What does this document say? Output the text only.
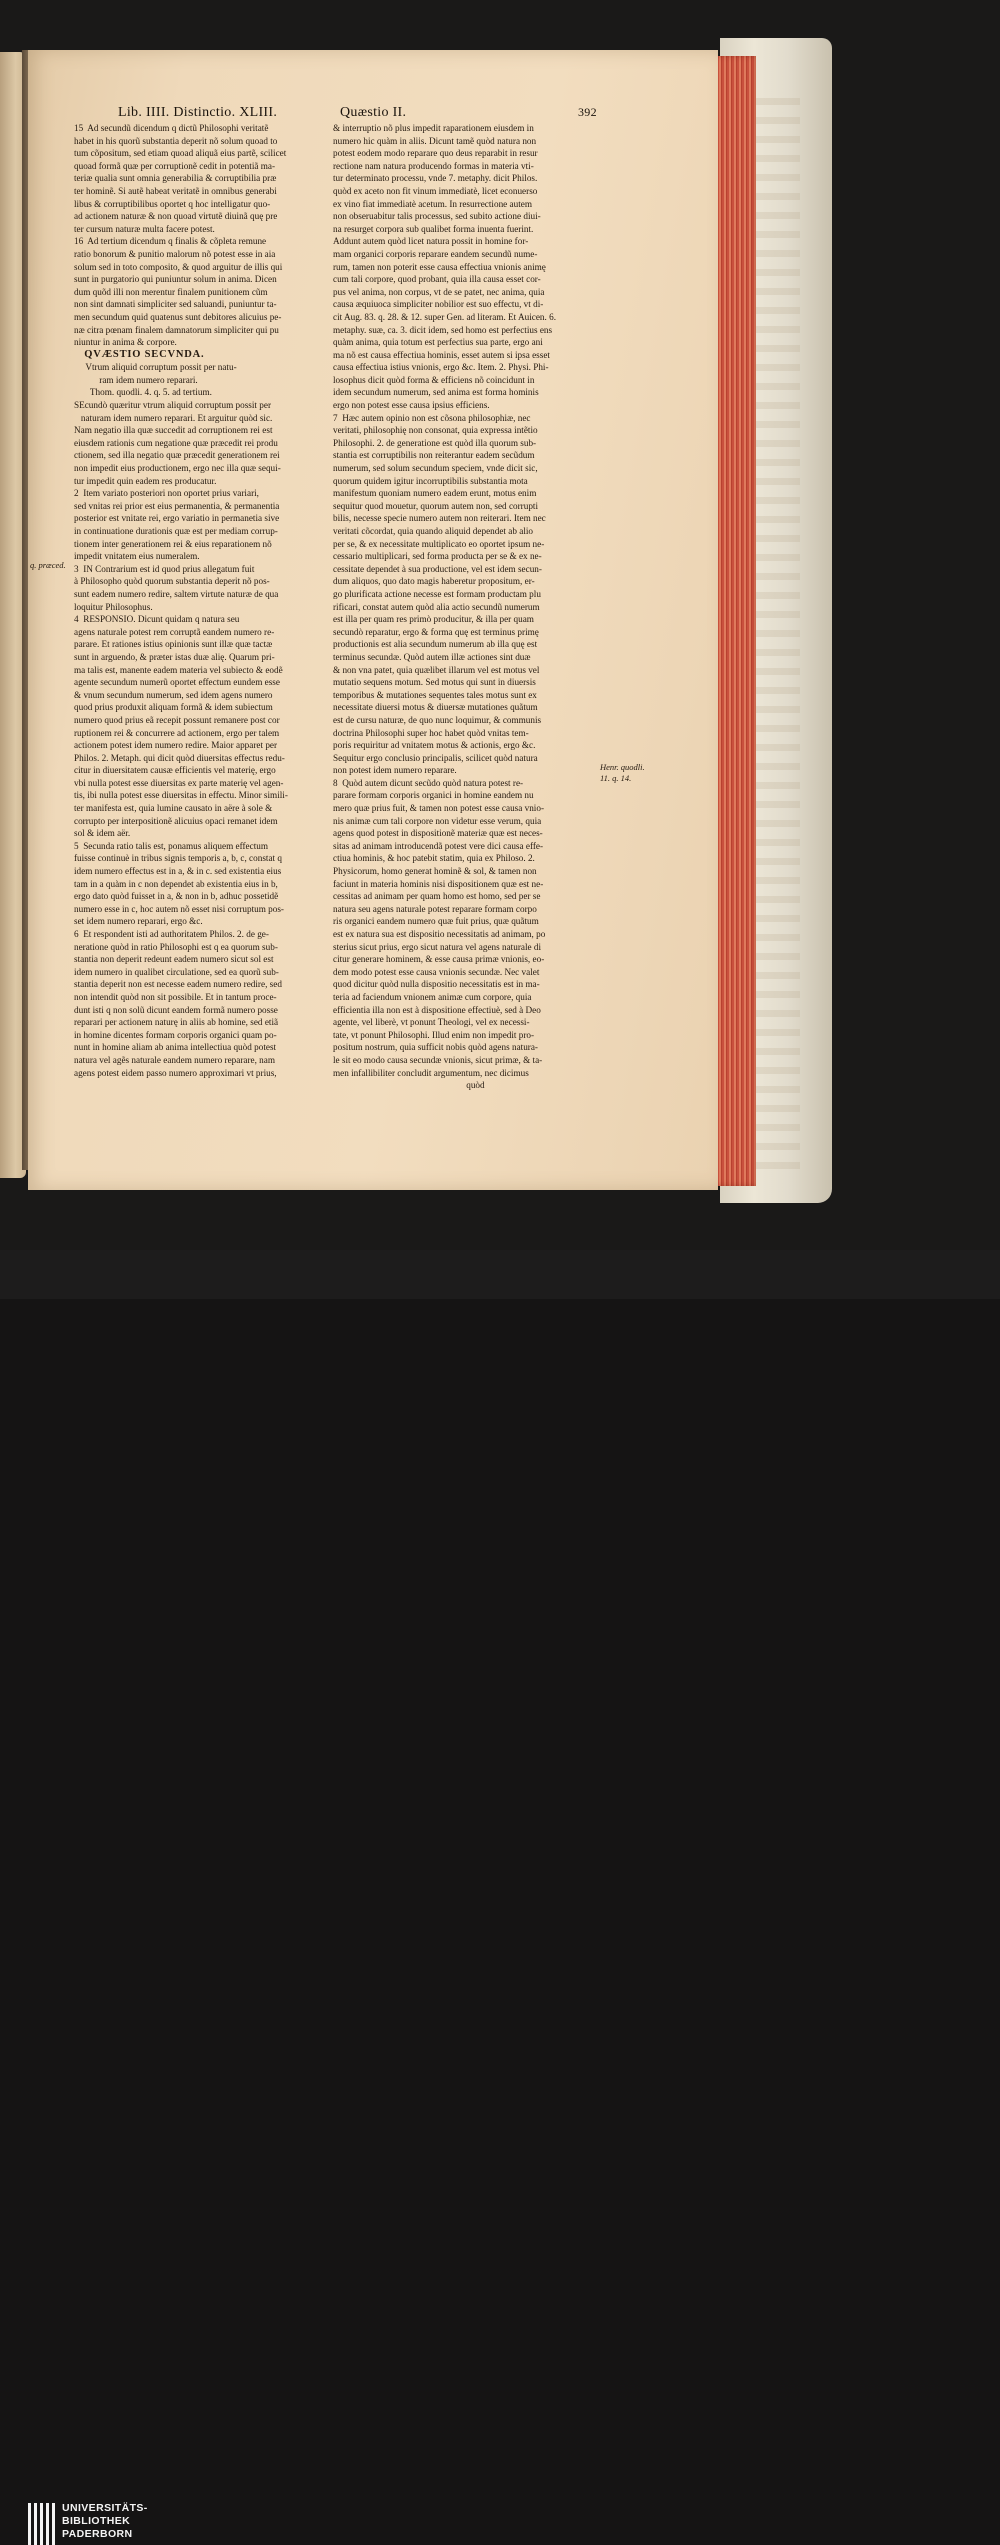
Lib. IIII. Distinctio. XLIII.	Quæstio II.	392
15  Ad secundũ dicendum q dictũ Philosophi veritatẽ
habet in his quorũ substantia deperit nõ solum quoad to
tum cõpositum, sed etiam quoad aliquã eius partẽ, scilicet
quoad formã quæ per corruptionẽ cedit in potentiã ma-
teriæ qualia sunt omnia generabilia & corruptibilia præ
ter hominẽ. Si autẽ habeat veritatẽ in omnibus generabi
libus & corruptibilibus oportet q hoc intelligatur quo-
ad actionem naturæ & non quoad virtutẽ diuinã quę pre
ter cursum naturæ multa facere potest.
16  Ad tertium dicendum q finalis & cõpleta remune
ratio bonorum & punitio malorum nõ potest esse in aia
solum sed in toto composito, & quod arguitur de illis qui
sunt in purgatorio qui puniuntur solum in anima. Dicen
dum quõd illi non merentur finalem punitionem cũm
non sint damnati simpliciter sed saluandi, puniuntur ta-
men secundum quid quatenus sunt debitores alicuius pe-
næ citra pœnam finalem damnatorum simpliciter qui pu
niuntur in anima & corpore.
QVÆSTIO SECVNDA.
Vtrum aliquid corruptum possit per natu-
ram idem numero reparari.
Thom. quodli. 4. q. 5. ad tertium.
SEcundò quæritur vtrum aliquid corruptum possit per
naturam idem numero reparari. Et arguitur quòd sic.
Nam negatio illa quæ succedit ad corruptionem rei est
eiusdem rationis cum negatione quæ præcedit rei produ
ctionem, sed illa negatio quæ præcedit generationem rei
non impedit eius productionem, ergo nec illa quæ sequi-
tur impedit quin eadem res producatur.
2  Item variato posteriori non oportet prius variari,
sed vnitas rei prior est eius permanentia, & permanentia
posterior est vnitate rei, ergo variatio in permanetia sive
in continuatione durationis quæ est per mediam corrup-
tionem inter generationem rei & eius reparationem nõ
impedit vnitatem eius numeralem.
3  IN Contrarium est id quod prius allegatum fuit
à Philosopho quòd quorum substantia deperit nõ pos-
sunt eadem numero redire, saltem virtute naturæ de qua
loquitur Philosophus.
4  RESPONSIO. Dicunt quidam q natura seu
agens naturale potest rem corruptã eandem numero re-
parare. Et rationes istius opinionis sunt illæ quæ tactæ
sunt in arguendo, & præter istas duæ alię. Quarum pri-
ma talis est, manente eadem materia vel subiecto & eodẽ
agente secundum numerũ oportet effectum eundem esse
& vnum secundum numerum, sed idem agens numero
quod prius produxit aliquam formã & idem subiectum
numero quod prius eã recepit possunt remanere post cor
ruptionem rei & concurrere ad actionem, ergo per talem
actionem potest idem numero redire. Maior apparet per
Philos. 2. Metaph. qui dicit quòd diuersitas effectus redu-
citur in diuersitatem causæ efficientis vel materię, ergo
vbi nulla potest esse diuersitas ex parte materię vel agen-
tis, ibi nulla potest esse diuersitas in effectu. Minor simili-
ter manifesta est, quia lumine causato in aëre à sole &
corrupto per interpositionẽ alicuius opaci remanet idem
sol & idem aër.
5  Secunda ratio talis est, ponamus aliquem effectum
fuisse continuè in tribus signis temporis a, b, c, constat q
idem numero effectus est in a, & in c. sed existentia eius
tam in a quàm in c non dependet ab existentia eius in b,
ergo dato quòd fuisset in a, & non in b, adhuc possetidẽ
numero esse in c, hoc autem nõ esset nisi corruptum pos-
set idem numero reparari, ergo &c.
6  Et respondent isti ad authoritatem Philos. 2. de ge-
neratione quòd in ratio Philosophi est q ea quorum sub-
stantia non deperit redeunt eadem numero sicut sol est
idem numero in qualibet circulatione, sed ea quorũ sub-
stantia deperit non est necesse eadem numero redire, sed
non intendit quòd non sit possibile. Et in tantum proce-
dunt isti q non solũ dicunt eandem formã numero posse
reparari per actionem naturę in aliis ab homine, sed etiã
in homine dicentes formam corporis organici quam po-
nunt in homine aliam ab anima intellectiua quòd potest
natura vel agẽs naturale eandem numero reparare, nam
agens potest eidem passo numero approximari vt prius,
& interruptio nõ plus impedit raparationem eiusdem in
numero hic quàm in aliis. Dicunt tamẽ quòd natura non
potest eodem modo reparare quo deus reparabit in resur
rectione nam natura producendo formas in materia vti-
tur determinato processu, vnde 7. metaphy. dicit Philos.
quòd ex aceto non fit vinum immediatè, licet econuerso
ex vino fiat immediatè acetum. In resurrectione autem
non obseruabitur talis processus, sed subito actione diui-
na resurget corpora sub qualibet forma inuenta fuerint.
Addunt autem quòd licet natura possit in homine for-
mam organici corporis reparare eandem secundũ nume-
rum, tamen non poterit esse causa effectiua vnionis animę
cum tali corpore, quod probant, quia illa causa esset cor-
pus vel anima, non corpus, vt de se patet, nec anima, quia
causa æquiuoca simpliciter nobilior est suo effectu, vt di-
cit Aug. 83. q. 28. & 12. super Gen. ad literam. Et Auicen. 6.
metaphy. suæ, ca. 3. dicit idem, sed homo est perfectius ens
quàm anima, quia totum est perfectius sua parte, ergo ani
ma nõ est causa effectiua hominis, esset autem si ipsa esset
causa effectiua istius vnionis, ergo &c. Item. 2. Physi. Phi-
losophus dicit quòd forma & efficiens nõ coincidunt in
idem secundum numerum, sed anima est forma hominis
ergo non potest esse causa ipsius efficiens.
7  Hæc autem opinio non est cõsona philosophiæ, nec
veritati, philosophię non consonat, quia expressa intẽtio
Philosophi. 2. de generatione est quòd illa quorum sub-
stantia est corruptibilis non reiterantur eadem secũdum
numerum, sed solum secundum speciem, vnde dicit sic,
quorum quidem igitur incorruptibilis substantia mota
manifestum quoniam numero eadem erunt, motus enim
sequitur quod mouetur, quorum autem non, sed corrupti
bilis, necesse specie numero autem non reiterari. Item nec
veritati cõcordat, quia quando aliquid dependet ab alio
per se, & ex necessitate multiplicato eo oportet ipsum ne-
cessario multiplicari, sed forma producta per se & ex ne-
cessitate dependet à sua productione, vel est idem secun-
dum aliquos, quo dato magis haberetur propositum, er-
go plurificata actione necesse est formam productam plu
rificari, constat autem quòd alia actio secundũ numerum
est illa per quam res primò producitur, & illa per quam
secundò reparatur, ergo & forma quę est terminus primę
productionis est alia secundum numerum ab illa quę est
terminus secundæ. Quòd autem illæ actiones sint duæ
& non vna patet, quia quælibet illarum vel est motus vel
mutatio sequens motum. Sed motus qui sunt in diuersis
temporibus & mutationes sequentes tales motus sunt ex
necessitate diuersi motus & diuersæ mutationes quãtum
est de cursu naturæ, de quo nunc loquimur, & communis
doctrina Philosophi super hoc habet quòd vnitas tem-
poris requiritur ad vnitatem motus & actionis, ergo &c.
Sequitur ergo conclusio principalis, scilicet quòd natura
non potest idem numero reparare.
8  Quòd autem dicunt secũdo quòd natura potest re-
parare formam corporis organici in homine eandem nu
mero quæ prius fuit, & tamen non potest esse causa vnio-
nis animæ cum tali corpore non videtur esse verum, quia
agens quod potest in dispositionẽ materiæ quæ est neces-
sitas ad animam introducendã potest vere dici causa effe-
ctiua hominis, & hoc patebit statim, quia ex Philoso. 2.
Physicorum, homo generat hominẽ & sol, & tamen non
faciunt in materia hominis nisi dispositionem quæ est ne-
cessitas ad animam per quam homo est homo, sed per se
natura seu agens naturale potest reparare formam corpo
ris organici eandem numero quæ fuit prius, quæ quãtum
est ex natura sua est dispositio necessitatis ad animam, po
sterius sicut prius, ergo sicut natura vel agens naturale di
citur generare hominem, & esse causa primæ vnionis, eo-
dem modo potest esse causa vnionis secundæ. Nec valet
quod dicitur quòd nulla dispositio necessitatis est in ma-
teria ad faciendum vnionem animæ cum corpore, quia
efficientia illa non est à dispositione effectiuè, sed à Deo
agente, vel liberè, vt ponunt Theologi, vel ex necessi-
tate, vt ponunt Philosophi. Illud enim non impedit pro-
positum nostrum, quia sufficit nobis quòd agens natura-
le sit eo modo causa secundæ vnionis, sicut primæ, & ta-
men infallibiliter concludit argumentum, nec dicimus
quòd
q. præced.
Henr. quodli.
11. q. 14.
UNIVERSITÄTS-
BIBLIOTHEK
PADERBORN
